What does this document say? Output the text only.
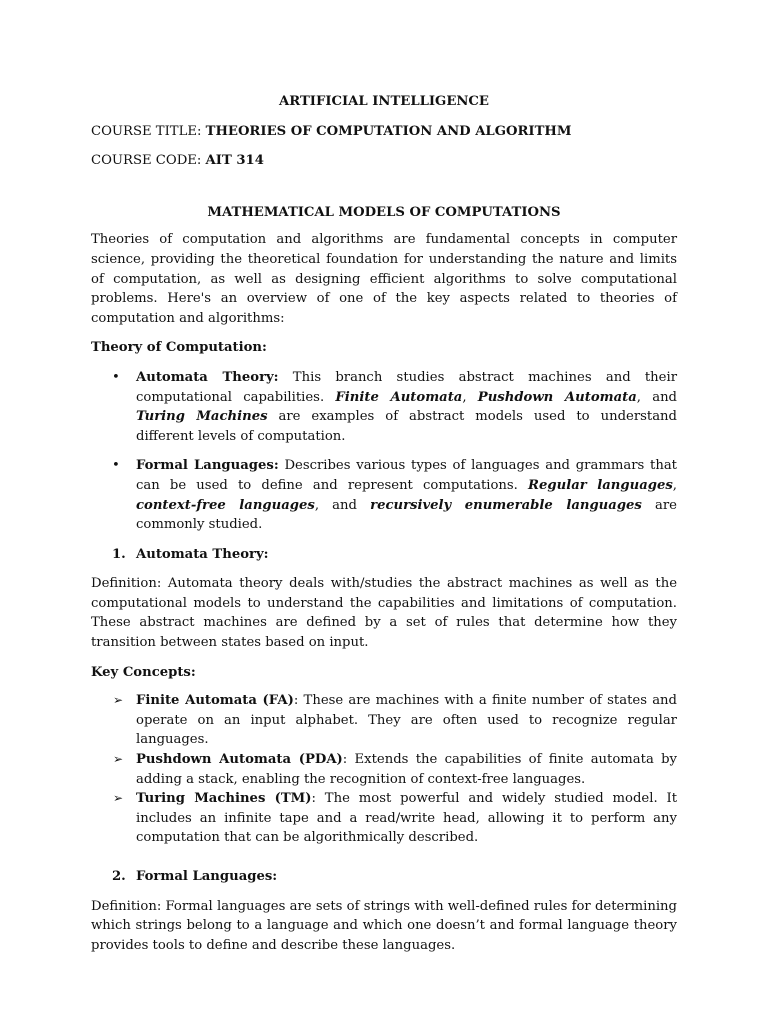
ARTIFICIAL INTELLIGENCE

COURSE TITLE: THEORIES OF COMPUTATION AND ALGORITHM

COURSE CODE: AIT 314

MATHEMATICAL MODELS OF COMPUTATIONS

Theories of computation and algorithms are fundamental concepts in computer science, providing the theoretical foundation for understanding the nature and limits of computation, as well as designing efficient algorithms to solve computational problems. Here's an overview of one of the key aspects related to theories of computation and algorithms:

Theory of Computation:

• Automata Theory: This branch studies abstract machines and their computational capabilities. Finite Automata, Pushdown Automata, and Turing Machines are examples of abstract models used to understand different levels of computation.
• Formal Languages: Describes various types of languages and grammars that can be used to define and represent computations. Regular languages, context-free languages, and recursively enumerable languages are commonly studied.

1. Automata Theory:

Definition: Automata theory deals with/studies the abstract machines as well as the computational models to understand the capabilities and limitations of computation. These abstract machines are defined by a set of rules that determine how they transition between states based on input.

Key Concepts:

➢ Finite Automata (FA): These are machines with a finite number of states and operate on an input alphabet. They are often used to recognize regular languages.
➢ Pushdown Automata (PDA): Extends the capabilities of finite automata by adding a stack, enabling the recognition of context-free languages.
➢ Turing Machines (TM): The most powerful and widely studied model. It includes an infinite tape and a read/write head, allowing it to perform any computation that can be algorithmically described.

2. Formal Languages:

Definition: Formal languages are sets of strings with well-defined rules for determining which strings belong to a language and which one doesn’t and formal language theory provides tools to define and describe these languages.
